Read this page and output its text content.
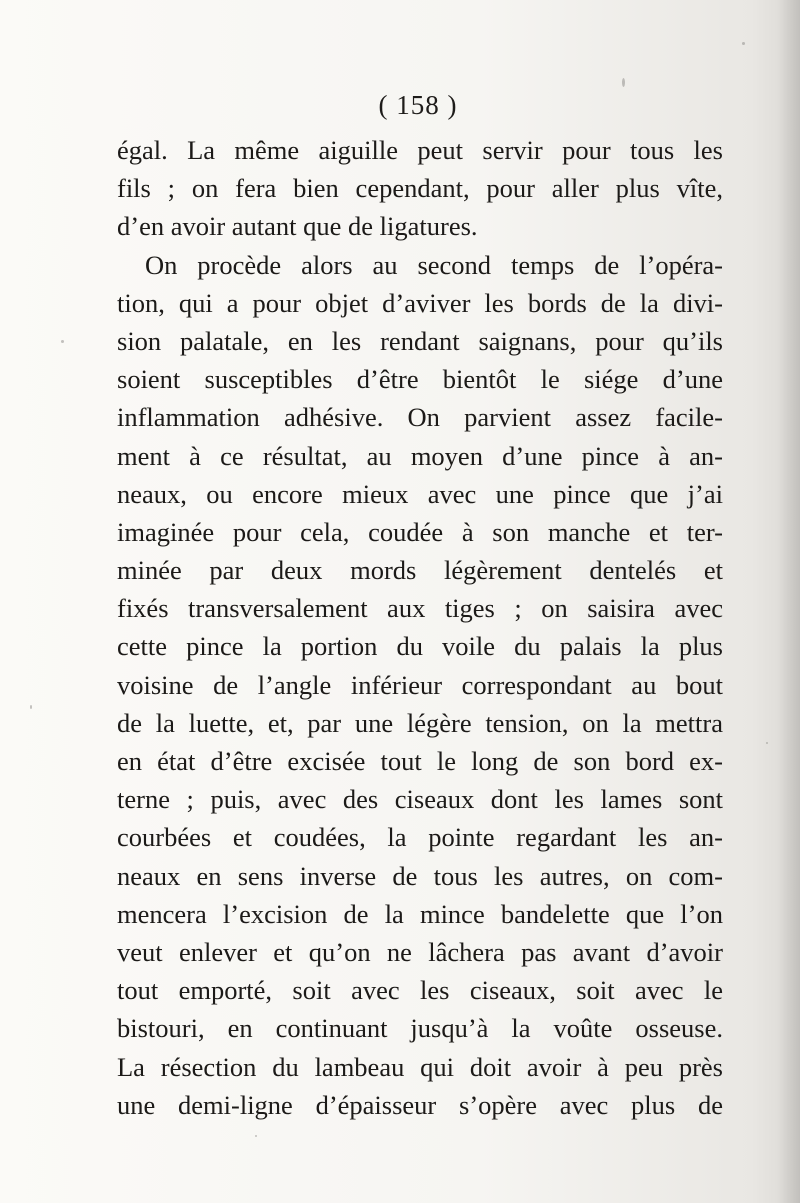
( 158 )
égal. La même aiguille peut servir pour tous les
fils ; on fera bien cependant, pour aller plus vîte,
d’en avoir autant que de ligatures.
On procède alors au second temps de l’opéra-
tion, qui a pour objet d’aviver les bords de la divi-
sion palatale, en les rendant saignans, pour qu’ils
soient susceptibles d’être bientôt le siége d’une
inflammation adhésive. On parvient assez facile-
ment à ce résultat, au moyen d’une pince à an-
neaux, ou encore mieux avec une pince que j’ai
imaginée pour cela, coudée à son manche et ter-
minée par deux mords légèrement dentelés et
fixés transversalement aux tiges ; on saisira avec
cette pince la portion du voile du palais la plus
voisine de l’angle inférieur correspondant au bout
de la luette, et, par une légère tension, on la mettra
en état d’être excisée tout le long de son bord ex-
terne ; puis, avec des ciseaux dont les lames sont
courbées et coudées, la pointe regardant les an-
neaux en sens inverse de tous les autres, on com-
mencera l’excision de la mince bandelette que l’on
veut enlever et qu’on ne lâchera pas avant d’avoir
tout emporté, soit avec les ciseaux, soit avec le
bistouri, en continuant jusqu’à la voûte osseuse.
La résection du lambeau qui doit avoir à peu près
une demi-ligne d’épaisseur s’opère avec plus de
